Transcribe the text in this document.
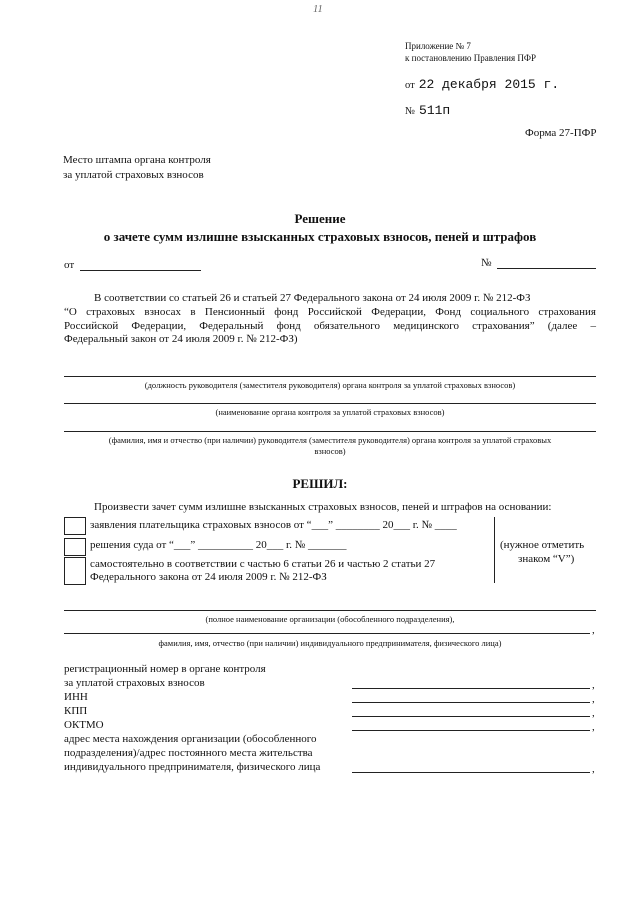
11
Приложение № 7
к постановлению Правления ПФР
от 22 декабря 2015 г.
№ 511п
Форма 27-ПФР
Место штампа органа контроля
за уплатой страховых взносов
Решение
о зачете сумм излишне взысканных страховых взносов, пеней и штрафов
от	№
В соответствии со статьей 26 и статьей 27 Федерального закона от 24 июля 2009 г. № 212-ФЗ
“О страховых взносах в Пенсионный фонд Российской Федерации, Фонд социального страхования
Российской Федерации, Федеральный фонд обязательного медицинского страхования” (далее –
Федеральный закон от 24 июля 2009 г. № 212-ФЗ)
(должность руководителя (заместителя руководителя) органа контроля за уплатой страховых взносов)
(наименование органа контроля за уплатой страховых взносов)
(фамилия, имя и отчество (при наличии) руководителя (заместителя руководителя) органа контроля за уплатой страховых
взносов)
РЕШИЛ:
Произвести зачет сумм излишне взысканных страховых взносов, пеней и штрафов на основании:
заявления плательщика страховых взносов от “___” ________ 20___ г. № ____
решения суда от “___” __________ 20___ г. № _______
самостоятельно в соответствии с частью 6 статьи 26 и частью 2 статьи 27
Федерального закона от 24 июля 2009 г. № 212-ФЗ
(нужное отметить
знаком “V”)
(полное наименование организации (обособленного подразделения),
,
фамилия, имя, отчество (при наличии) индивидуального предпринимателя, физического лица)
регистрационный номер в органе контроля
за уплатой страховых взносов	,
ИНН	,
КПП	,
ОКТМО	,
адрес места нахождения организации (обособленного
подразделения)/адрес постоянного места жительства
индивидуального предпринимателя, физического лица	,
